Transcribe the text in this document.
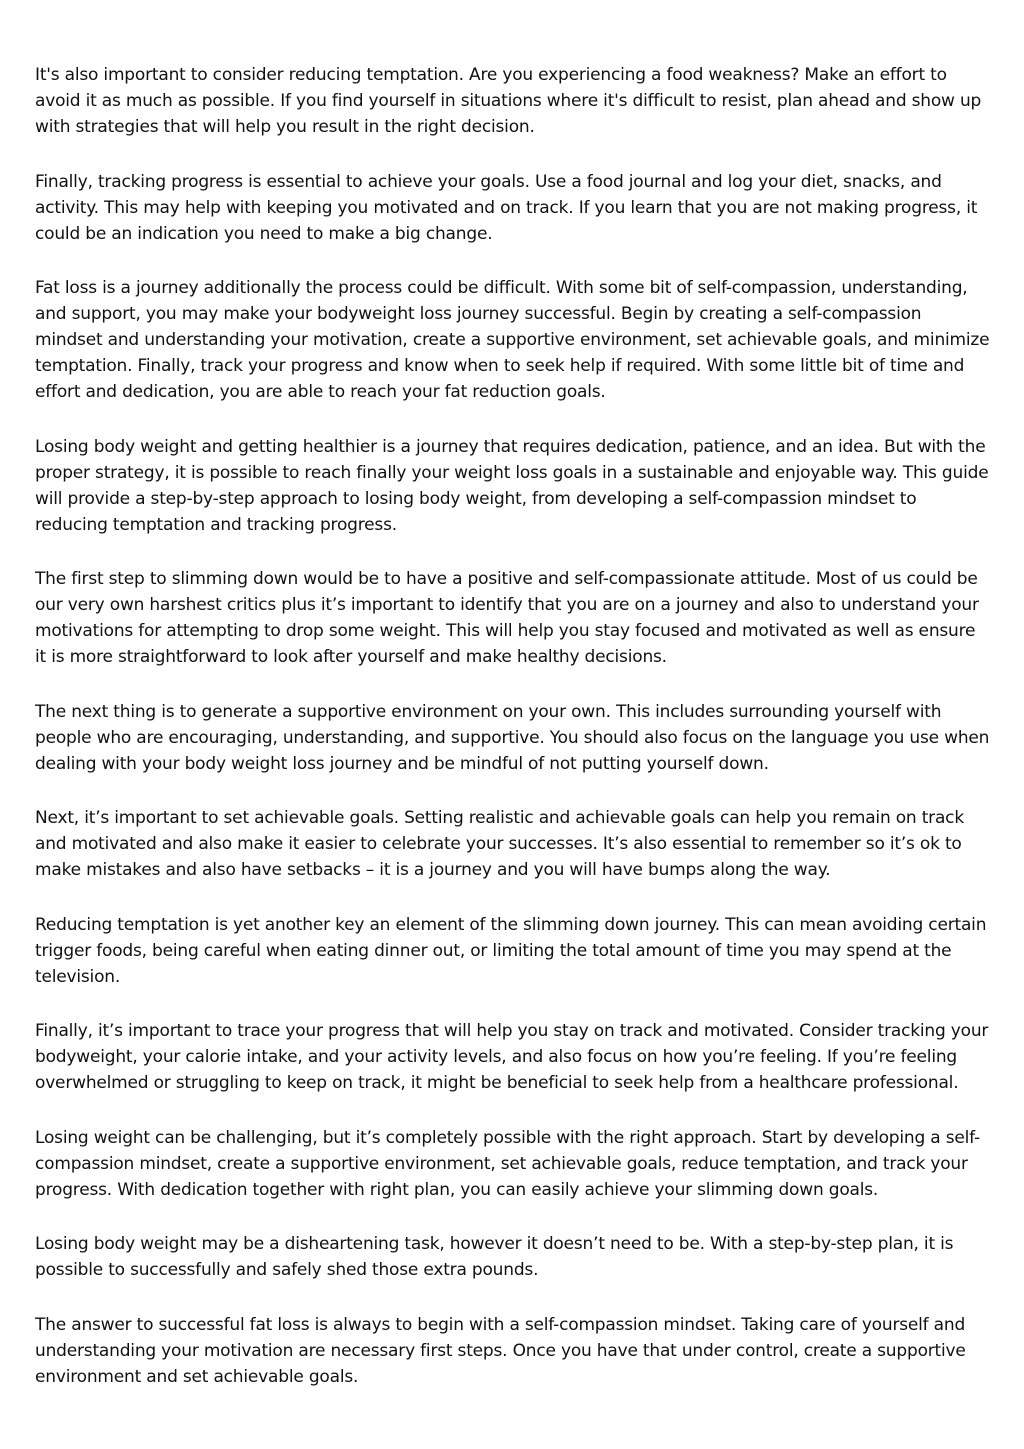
It's also important to consider reducing temptation. Are you experiencing a food weakness? Make an effort to avoid it as much as possible. If you find yourself in situations where it's difficult to resist, plan ahead and show up with strategies that will help you result in the right decision.

Finally, tracking progress is essential to achieve your goals. Use a food journal and log your diet, snacks, and activity. This may help with keeping you motivated and on track. If you learn that you are not making progress, it could be an indication you need to make a big change.

Fat loss is a journey additionally the process could be difficult. With some bit of self-compassion, understanding, and support, you may make your bodyweight loss journey successful. Begin by creating a self-compassion mindset and understanding your motivation, create a supportive environment, set achievable goals, and minimize temptation. Finally, track your progress and know when to seek help if required. With some little bit of time and effort and dedication, you are able to reach your fat reduction goals.

Losing body weight and getting healthier is a journey that requires dedication, patience, and an idea. But with the proper strategy, it is possible to reach finally your weight loss goals in a sustainable and enjoyable way. This guide will provide a step-by-step approach to losing body weight, from developing a self-compassion mindset to reducing temptation and tracking progress.

The first step to slimming down would be to have a positive and self-compassionate attitude. Most of us could be our very own harshest critics plus it’s important to identify that you are on a journey and also to understand your motivations for attempting to drop some weight. This will help you stay focused and motivated as well as ensure it is more straightforward to look after yourself and make healthy decisions.

The next thing is to generate a supportive environment on your own. This includes surrounding yourself with people who are encouraging, understanding, and supportive. You should also focus on the language you use when dealing with your body weight loss journey and be mindful of not putting yourself down.

Next, it’s important to set achievable goals. Setting realistic and achievable goals can help you remain on track and motivated and also make it easier to celebrate your successes. It’s also essential to remember so it’s ok to make mistakes and also have setbacks – it is a journey and you will have bumps along the way.

Reducing temptation is yet another key an element of the slimming down journey. This can mean avoiding certain trigger foods, being careful when eating dinner out, or limiting the total amount of time you may spend at the television.

Finally, it’s important to trace your progress that will help you stay on track and motivated. Consider tracking your bodyweight, your calorie intake, and your activity levels, and also focus on how you’re feeling. If you’re feeling overwhelmed or struggling to keep on track, it might be beneficial to seek help from a healthcare professional.

Losing weight can be challenging, but it’s completely possible with the right approach. Start by developing a self-compassion mindset, create a supportive environment, set achievable goals, reduce temptation, and track your progress. With dedication together with right plan, you can easily achieve your slimming down goals.

Losing body weight may be a disheartening task, however it doesn’t need to be. With a step-by-step plan, it is possible to successfully and safely shed those extra pounds.

The answer to successful fat loss is always to begin with a self-compassion mindset. Taking care of yourself and understanding your motivation are necessary first steps. Once you have that under control, create a supportive environment and set achievable goals.
